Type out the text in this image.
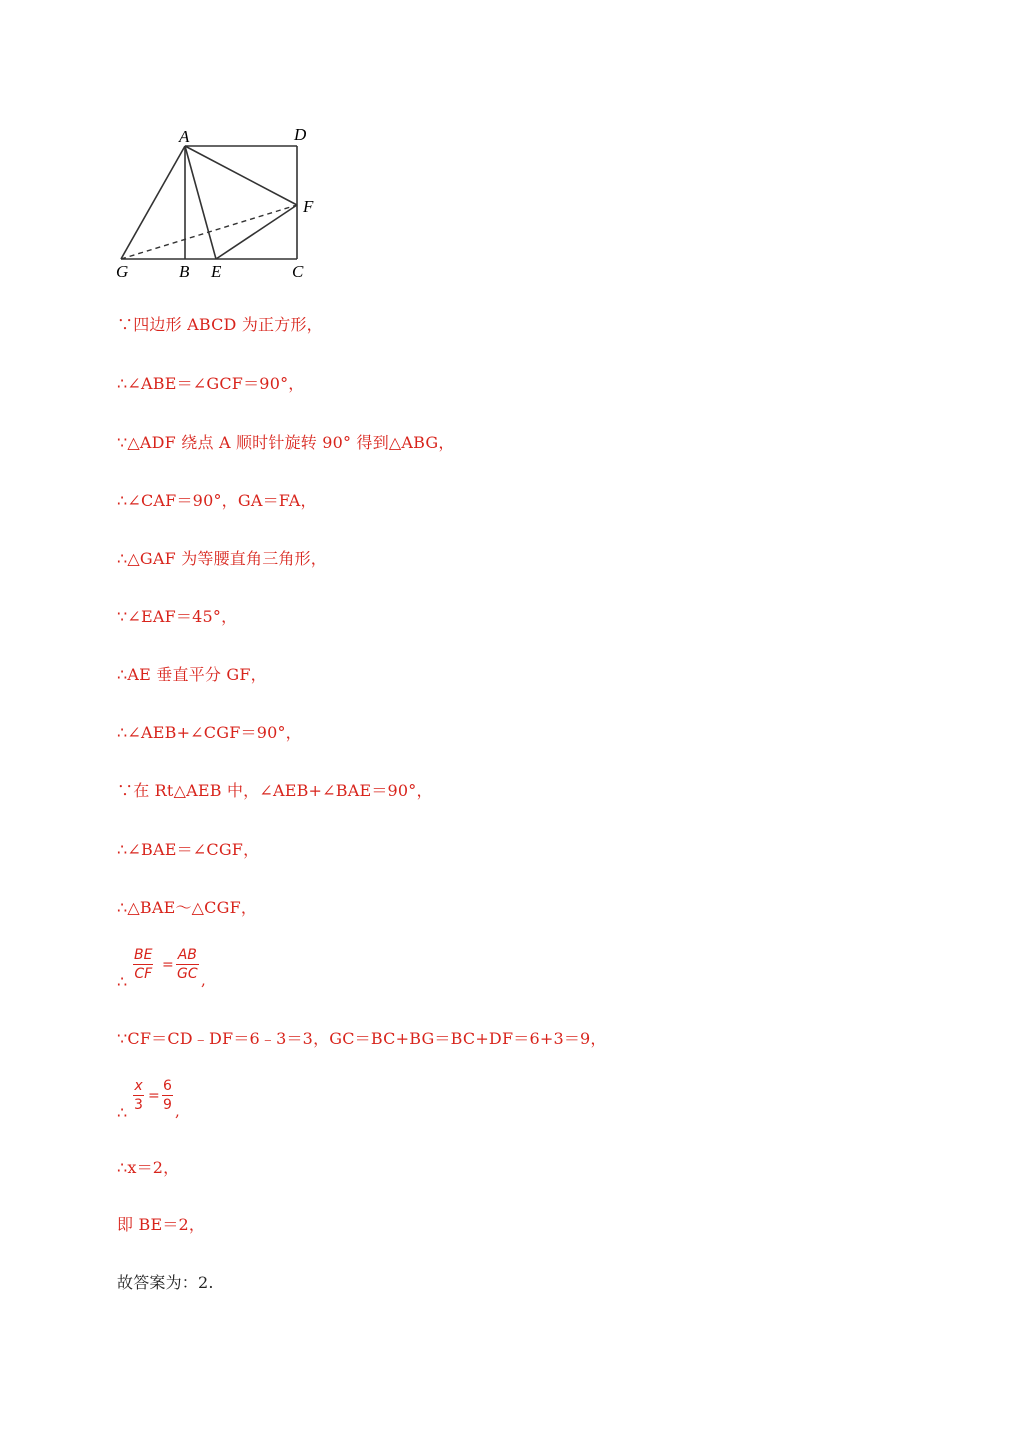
A	D
F
G	B E	C
∵四边形 ABCD 为正方形，
∴∠ABE＝∠GCF＝90°，
∵△ADF 绕点 A 顺时针旋转 90° 得到△ABG，
∴∠CAF＝90°，GA＝FA，
∴△GAF 为等腰直角三角形，
∵∠EAF＝45°，
∴AE 垂直平分 GF，
∴∠AEB+∠CGF＝90°，
∵在 Rt△AEB 中，∠AEB+∠BAE＝90°，
∴∠BAE＝∠CGF，
∴△BAE～△CGF，
∴
BE
CF
=
AB
GC ,
∵CF＝CD﹣DF＝6﹣3＝3，GC＝BC+BG＝BC+DF＝6+3＝9，
∴
x
3
=
6
9 ,
∴x＝2，
即 BE＝2，
故答案为：2.
